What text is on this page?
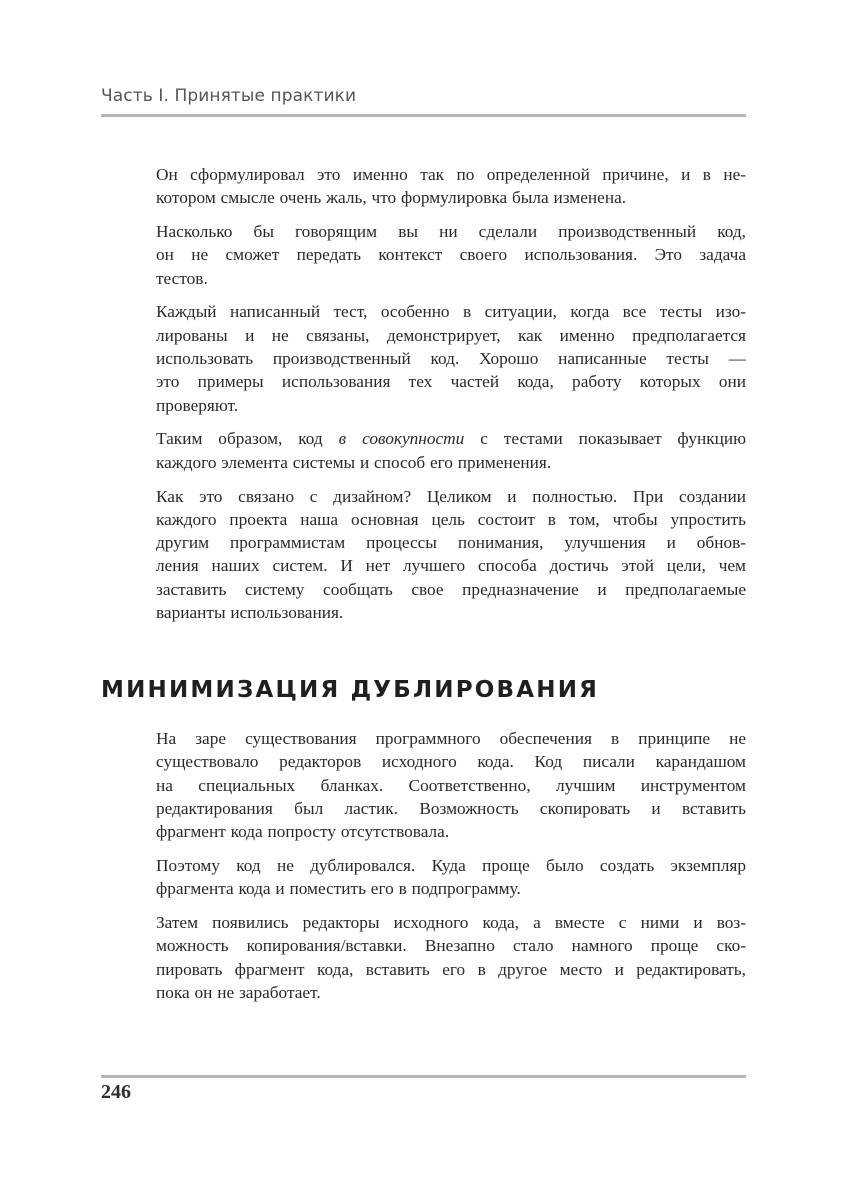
Часть I. Принятые практики

Он сформулировал это именно так по определенной причине, и в не-
котором смысле очень жаль, что формулировка была изменена.

Насколько бы говорящим вы ни сделали производственный код,
он не сможет передать контекст своего использования. Это задача
тестов.

Каждый написанный тест, особенно в ситуации, когда все тесты изо-
лированы и не связаны, демонстрирует, как именно предполагается
использовать производственный код. Хорошо написанные тесты —
это примеры использования тех частей кода, работу которых они
проверяют.

Таким образом, код в совокупности с тестами показывает функцию
каждого элемента системы и способ его применения.

Как это связано с дизайном? Целиком и полностью. При создании
каждого проекта наша основная цель состоит в том, чтобы упростить
другим программистам процессы понимания, улучшения и обнов-
ления наших систем. И нет лучшего способа достичь этой цели, чем
заставить систему сообщать свое предназначение и предполагаемые
варианты использования.

МИНИМИЗАЦИЯ ДУБЛИРОВАНИЯ

На заре существования программного обеспечения в принципе не
существовало редакторов исходного кода. Код писали карандашом
на специальных бланках. Соответственно, лучшим инструментом
редактирования был ластик. Возможность скопировать и вставить
фрагмент кода попросту отсутствовала.

Поэтому код не дублировался. Куда проще было создать экземпляр
фрагмента кода и поместить его в подпрограмму.

Затем появились редакторы исходного кода, а вместе с ними и воз-
можность копирования/вставки. Внезапно стало намного проще ско-
пировать фрагмент кода, вставить его в другое место и редактировать,
пока он не заработает.

246
